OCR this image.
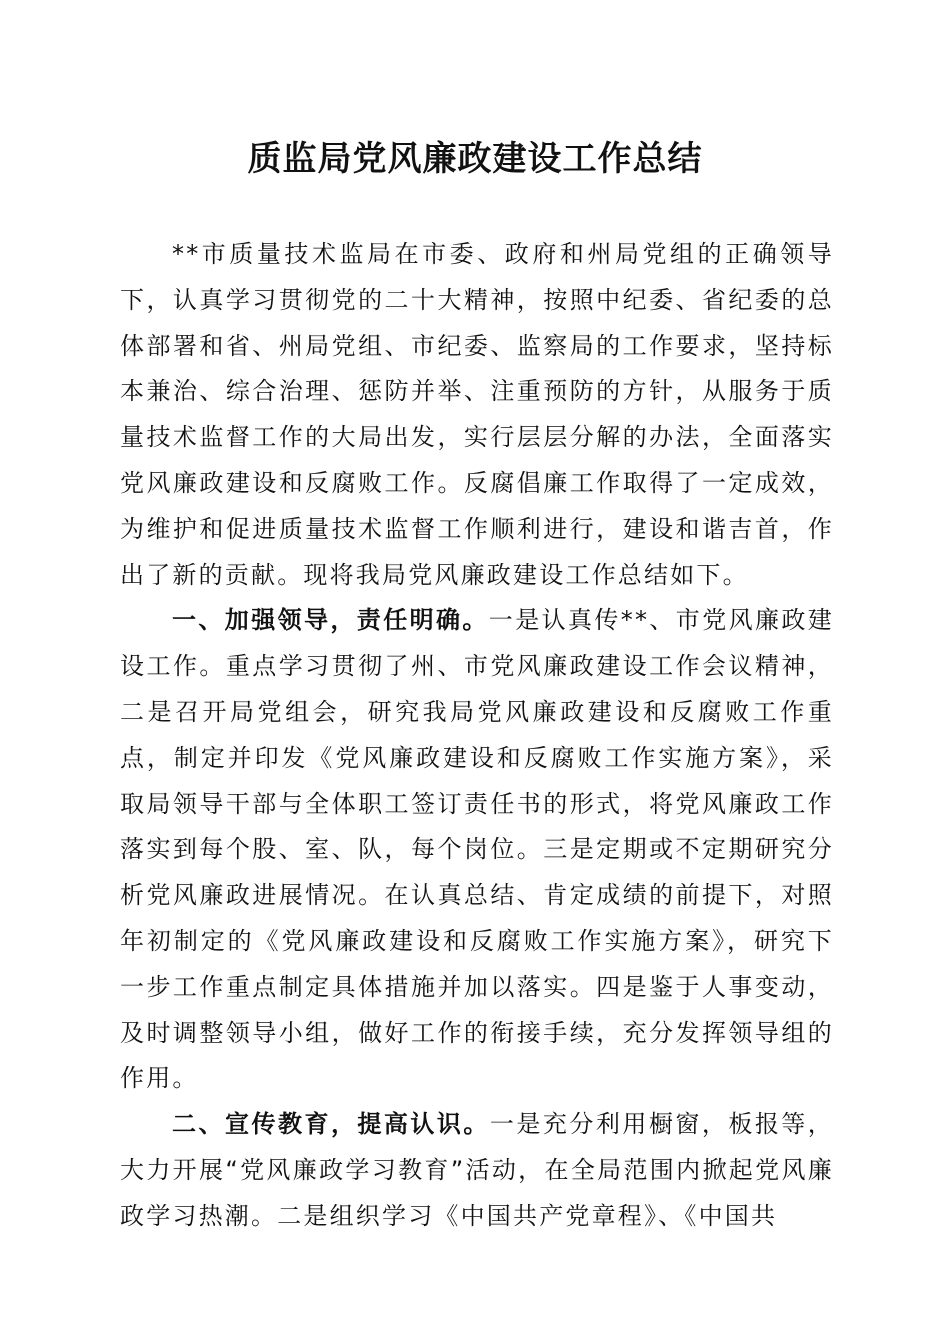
质监局党风廉政建设工作总结

**市质量技术监局在市委、政府和州局党组的正确领导下，认真学习贯彻党的二十大精神，按照中纪委、省纪委的总体部署和省、州局党组、市纪委、监察局的工作要求，坚持标本兼治、综合治理、惩防并举、注重预防的方针，从服务于质量技术监督工作的大局出发，实行层层分解的办法，全面落实党风廉政建设和反腐败工作。反腐倡廉工作取得了一定成效，为维护和促进质量技术监督工作顺利进行，建设和谐吉首，作出了新的贡献。现将我局党风廉政建设工作总结如下。

一、加强领导，责任明确。一是认真传**、市党风廉政建设工作。重点学习贯彻了州、市党风廉政建设工作会议精神，二是召开局党组会，研究我局党风廉政建设和反腐败工作重点，制定并印发《党风廉政建设和反腐败工作实施方案》，采取局领导干部与全体职工签订责任书的形式，将党风廉政工作落实到每个股、室、队，每个岗位。三是定期或不定期研究分析党风廉政进展情况。在认真总结、肯定成绩的前提下，对照年初制定的《党风廉政建设和反腐败工作实施方案》，研究下一步工作重点制定具体措施并加以落实。四是鉴于人事变动，及时调整领导小组，做好工作的衔接手续，充分发挥领导组的作用。

二、宣传教育，提高认识。一是充分利用橱窗，板报等，大力开展“党风廉政学习教育”活动，在全局范围内掀起党风廉政学习热潮。二是组织学习《中国共产党章程》、《中国共
